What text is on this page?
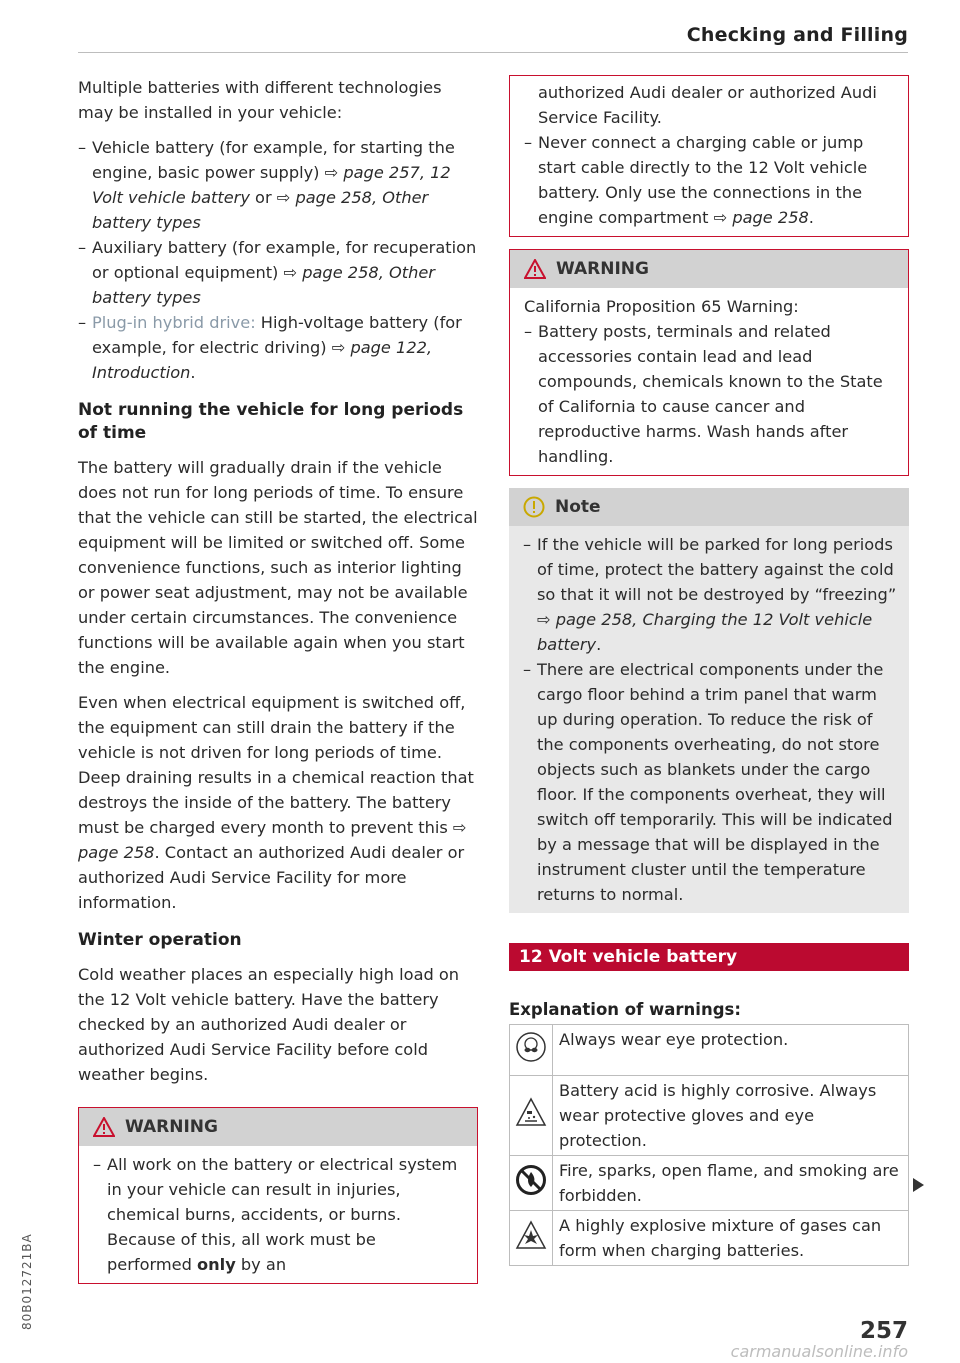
Checking and Filling

Multiple batteries with different technologies may be installed in your vehicle:

– Vehicle battery (for example, for starting the engine, basic power supply) ⇨ page 257, 12 Volt vehicle battery or ⇨ page 258, Other battery types
– Auxiliary battery (for example, for recuperation or optional equipment) ⇨ page 258, Other battery types
– Plug-in hybrid drive: High-voltage battery (for example, for electric driving) ⇨ page 122, Introduction.
Not running the vehicle for long periods of time

The battery will gradually drain if the vehicle does not run for long periods of time. To ensure that the vehicle can still be started, the electrical equipment will be limited or switched off. Some convenience functions, such as interior lighting or power seat adjustment, may not be available under certain circumstances. The convenience functions will be available again when you start the engine.

Even when electrical equipment is switched off, the equipment can still drain the battery if the vehicle is not driven for long periods of time. Deep draining results in a chemical reaction that destroys the inside of the battery. The battery must be charged every month to prevent this ⇨ page 258. Contact an authorized Audi dealer or authorized Audi Service Facility for more information.

Winter operation

Cold weather places an especially high load on the 12 Volt vehicle battery. Have the battery checked by an authorized Audi dealer or authorized Audi Service Facility before cold weather begins.

WARNING
– All work on the battery or electrical system in your vehicle can result in injuries, chemical burns, accidents, or burns. Because of this, all work must be performed only by an
authorized Audi dealer or authorized Audi Service Facility.
– Never connect a charging cable or jump start cable directly to the 12 Volt vehicle battery. Only use the connections in the engine compartment ⇨ page 258.
WARNING
California Proposition 65 Warning:
– Battery posts, terminals and related accessories contain lead and lead compounds, chemicals known to the State of California to cause cancer and reproductive harms. Wash hands after handling.
Note
– If the vehicle will be parked for long periods of time, protect the battery against the cold so that it will not be destroyed by “freezing” ⇨ page 258, Charging the 12 Volt vehicle battery.
– There are electrical components under the cargo floor behind a trim panel that warm up during operation. To reduce the risk of the components overheating, do not store objects such as blankets under the cargo floor. If the components overheat, they will switch off temporarily. This will be indicated by a message that will be displayed in the instrument cluster until the temperature returns to normal.
12 Volt vehicle battery
Explanation of warnings:
	Always wear eye protection.
	Battery acid is highly corrosive. Always wear protective gloves and eye protection.
	Fire, sparks, open flame, and smoking are forbidden.
	A highly explosive mixture of gases can form when charging batteries.
80B012721BA
257
carmanualsonline.info
